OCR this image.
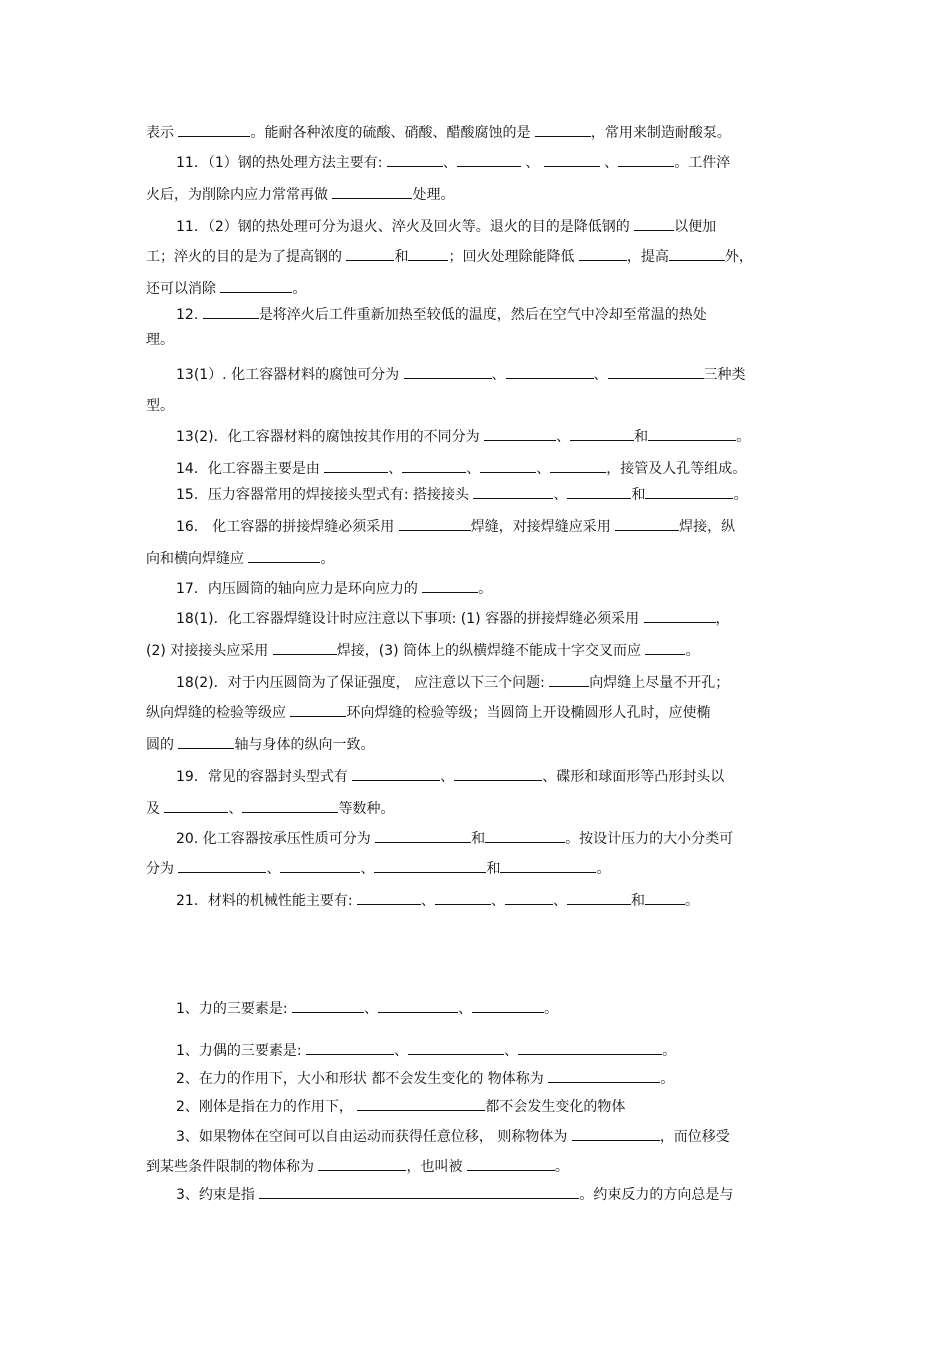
表示	。能耐各种浓度的硫酸、硝酸、醋酸腐蚀的是	，常用来制造耐酸泵。
11．（1）钢的热处理方法主要有:	、	、	、	。工件淬
火后，为削除内应力常常再做	处理。
11．（2）钢的热处理可分为退火、淬火及回火等。退火的目的是降低钢的	以便加
工；淬火的目的是为了提高钢的	和	；回火处理除能降低	，提高	外，
还可以消除	。
12.	是将淬火后工件重新加热至较低的温度，然后在空气中冷却至常温的热处
理。
13(1）. 化工容器材料的腐蚀可分为	、	、	三种类
型。
13(2)．化工容器材料的腐蚀按其作用的不同分为	、	和	。
14．化工容器主要是由	、	、	、	，接管及人孔等组成。
15．压力容器常用的焊接接头型式有: 搭接接头	、	和	。
16． 化工容器的拼接焊缝必须采用	焊缝，对接焊缝应采用	焊接，纵
向和横向焊缝应	。
17．内压圆筒的轴向应力是环向应力的	。
18(1)．化工容器焊缝设计时应注意以下事项: (1) 容器的拼接焊缝必须采用	，
(2) 对接接头应采用	焊接，(3) 筒体上的纵横焊缝不能成十字交叉而应	。
18(2)．对于内压圆筒为了保证强度， 应注意以下三个问题:	向焊缝上尽量不开孔；
纵向焊缝的检验等级应	环向焊缝的检验等级；当圆筒上开设椭圆形人孔时，应使椭
圆的	轴与身体的纵向一致。
19．常见的容器封头型式有	、	、碟形和球面形等凸形封头以
及	、	等数种。
20. 化工容器按承压性质可分为	和	。按设计压力的大小分类可
分为	、	、	和	。
21．材料的机械性能主要有:	、	、	、	和	。
1、力的三要素是:	、	、	。
1、力偶的三要素是:	、	、	。
2、在力的作用下，大小和形状 都不会发生变化的 物体称为	。
2、刚体是指在力的作用下，	都不会发生变化的物体
3、如果物体在空间可以自由运动而获得任意位移， 则称物体为	，而位移受
到某些条件限制的物体称为	，也叫被	。
3、约束是指	。约束反力的方向总是与
